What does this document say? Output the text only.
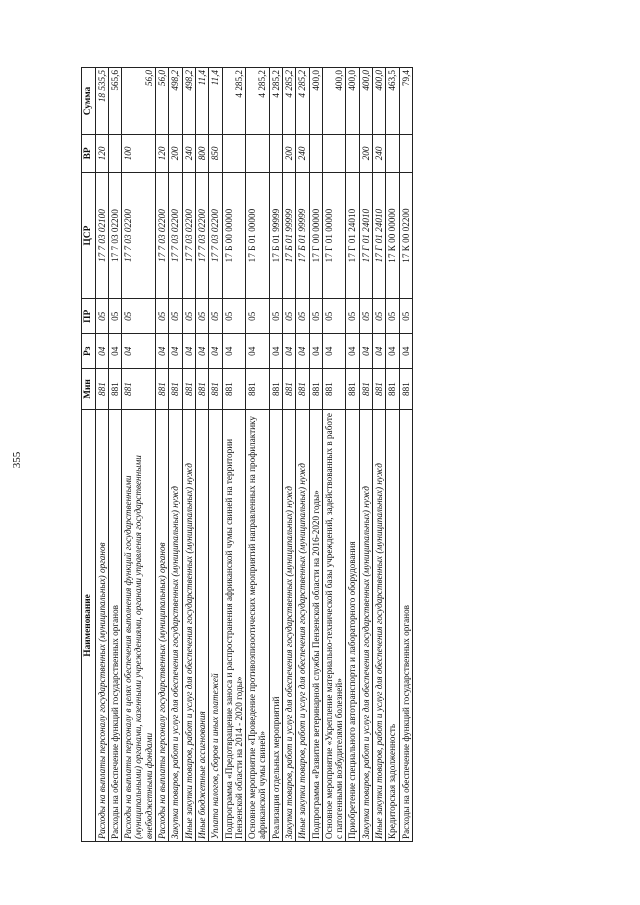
355
Наименование	Мин	Рз	ПР	ЦСР	ВР	Сумма
Расходы на выплаты персоналу государственных (муниципальных) органов	881	04	05	17 7 03 02100	120	18 535,5
Расходы на обеспечение функций государственных органов	881	04	05	17 7 03 02200		565,6
Расходы на выплаты персоналу в целях обеспечения выполнения функций государственными (муниципальными) органами, казенными учреждениями, органами управления государственными внебюджетными фондами	881	04	05	17 7 03 02200	100	56,0
Расходы на выплаты персоналу государственных (муниципальных) органов	881	04	05	17 7 03 02200	120	56,0
Закупка товаров, работ и услуг для обеспечения государственных (муниципальных) нужд	881	04	05	17 7 03 02200	200	498,2
Иные закупки товаров, работ и услуг для обеспечения государственных (муниципальных) нужд	881	04	05	17 7 03 02200	240	498,2
Иные бюджетные ассигнования	881	04	05	17 7 03 02200	800	11,4
Уплата налогов, сборов и иных платежей	881	04	05	17 7 03 02200	850	11,4
Подпрограмма «Предотвращение заноса и распространения африканской чумы свиней на территории Пензенской области на 2014 - 2020 годы»	881	04	05	17 Б 00 00000		4 285,2
Основное мероприятие «Проведение противоэпизоотических мероприятий направленных на профилактику африканской чумы свиней»	881	04	05	17 Б 01 00000		4 285,2
Реализация отдельных мероприятий	881	04	05	17 Б 01 99999		4 285,2
Закупка товаров, работ и услуг для обеспечения государственных (муниципальных) нужд	881	04	05	17 Б 01 99999	200	4 285,2
Иные закупки товаров, работ и услуг для обеспечения государственных (муниципальных) нужд	881	04	05	17 Б 01 99999	240	4 285,2
Подпрограмма «Развитие ветеринарной службы Пензенской области на 2016-2020 годы»	881	04	05	17 Г 00 00000		400,0
Основное мероприятие «Укрепление материально-технической базы учреждений, задействованных в работе с патогенными возбудителями болезней»	881	04	05	17 Г 01 00000		400,0
Приобретение специального автотранспорта и лабораторного оборудования	881	04	05	17 Г 01 24010		400,0
Закупка товаров, работ и услуг для обеспечения государственных (муниципальных) нужд	881	04	05	17 Г 01 24010	200	400,0
Иные закупки товаров, работ и услуг для обеспечения государственных (муниципальных) нужд	881	04	05	17 Г 01 24010	240	400,0
Кредиторская задолженность	881	04	05	17 К 00 00000		463,5
Расходы на обеспечение функций государственных органов	881	04	05	17 К 00 02200		79,4
